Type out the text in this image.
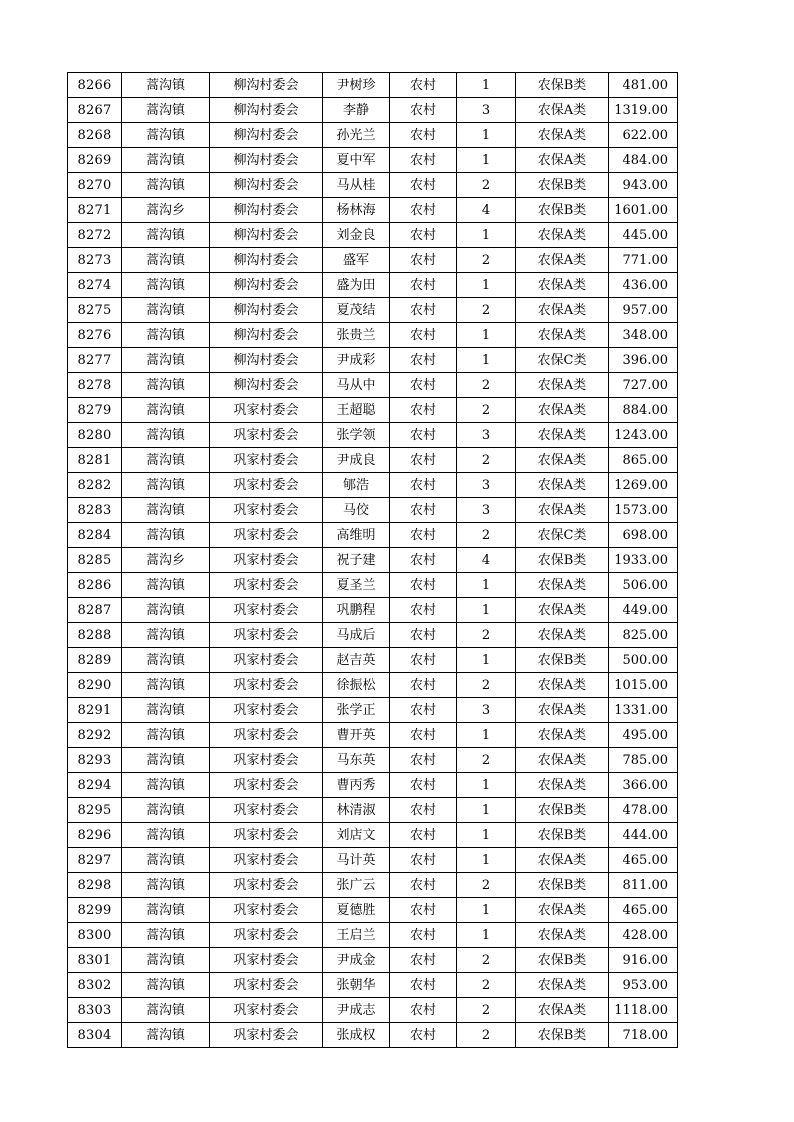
8266	蒿沟镇	柳沟村委会	尹树珍	农村	1	农保B类	481.00
8267	蒿沟镇	柳沟村委会	李静	农村	3	农保A类	1319.00
8268	蒿沟镇	柳沟村委会	孙光兰	农村	1	农保A类	622.00
8269	蒿沟镇	柳沟村委会	夏中军	农村	1	农保A类	484.00
8270	蒿沟镇	柳沟村委会	马从桂	农村	2	农保B类	943.00
8271	蒿沟乡	柳沟村委会	杨林海	农村	4	农保B类	1601.00
8272	蒿沟镇	柳沟村委会	刘金良	农村	1	农保A类	445.00
8273	蒿沟镇	柳沟村委会	盛军	农村	2	农保A类	771.00
8274	蒿沟镇	柳沟村委会	盛为田	农村	1	农保A类	436.00
8275	蒿沟镇	柳沟村委会	夏茂结	农村	2	农保A类	957.00
8276	蒿沟镇	柳沟村委会	张贵兰	农村	1	农保A类	348.00
8277	蒿沟镇	柳沟村委会	尹成彩	农村	1	农保C类	396.00
8278	蒿沟镇	柳沟村委会	马从中	农村	2	农保A类	727.00
8279	蒿沟镇	巩家村委会	王超聪	农村	2	农保A类	884.00
8280	蒿沟镇	巩家村委会	张学领	农村	3	农保A类	1243.00
8281	蒿沟镇	巩家村委会	尹成良	农村	2	农保A类	865.00
8282	蒿沟镇	巩家村委会	郇浩	农村	3	农保A类	1269.00
8283	蒿沟镇	巩家村委会	马佼	农村	3	农保A类	1573.00
8284	蒿沟镇	巩家村委会	高维明	农村	2	农保C类	698.00
8285	蒿沟乡	巩家村委会	祝子建	农村	4	农保B类	1933.00
8286	蒿沟镇	巩家村委会	夏圣兰	农村	1	农保A类	506.00
8287	蒿沟镇	巩家村委会	巩鹏程	农村	1	农保A类	449.00
8288	蒿沟镇	巩家村委会	马成后	农村	2	农保A类	825.00
8289	蒿沟镇	巩家村委会	赵吉英	农村	1	农保B类	500.00
8290	蒿沟镇	巩家村委会	徐振松	农村	2	农保A类	1015.00
8291	蒿沟镇	巩家村委会	张学正	农村	3	农保A类	1331.00
8292	蒿沟镇	巩家村委会	曹开英	农村	1	农保A类	495.00
8293	蒿沟镇	巩家村委会	马东英	农村	2	农保A类	785.00
8294	蒿沟镇	巩家村委会	曹丙秀	农村	1	农保A类	366.00
8295	蒿沟镇	巩家村委会	林清淑	农村	1	农保B类	478.00
8296	蒿沟镇	巩家村委会	刘店文	农村	1	农保B类	444.00
8297	蒿沟镇	巩家村委会	马计英	农村	1	农保A类	465.00
8298	蒿沟镇	巩家村委会	张广云	农村	2	农保B类	811.00
8299	蒿沟镇	巩家村委会	夏德胜	农村	1	农保A类	465.00
8300	蒿沟镇	巩家村委会	王启兰	农村	1	农保A类	428.00
8301	蒿沟镇	巩家村委会	尹成金	农村	2	农保B类	916.00
8302	蒿沟镇	巩家村委会	张朝华	农村	2	农保A类	953.00
8303	蒿沟镇	巩家村委会	尹成志	农村	2	农保A类	1118.00
8304	蒿沟镇	巩家村委会	张成权	农村	2	农保B类	718.00
